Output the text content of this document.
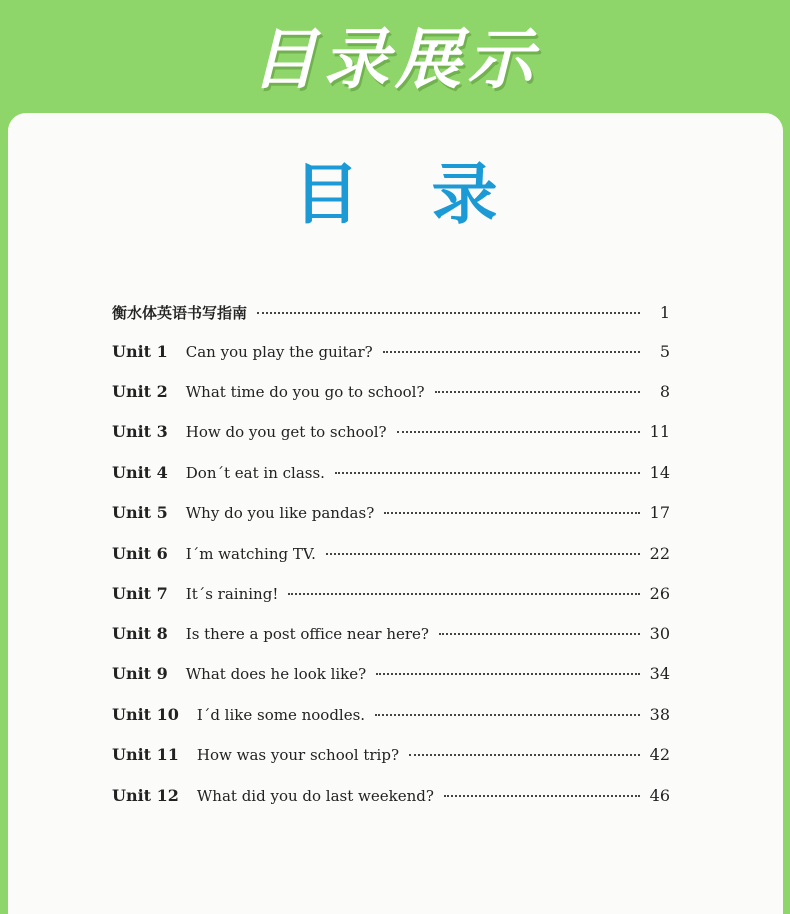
目录展示
目录
衡水体英语书写指南	1
Unit 1 Can you play the guitar?	5
Unit 2 What time do you go to school?	8
Unit 3 How do you get to school?	11
Unit 4 Don´t eat in class.	14
Unit 5 Why do you like pandas?	17
Unit 6 I´m watching TV.	22
Unit 7 It´s raining!	26
Unit 8 Is there a post office near here?	30
Unit 9 What does he look like?	34
Unit 10 I´d like some noodles.	38
Unit 11 How was your school trip?	42
Unit 12 What did you do last weekend?	46
